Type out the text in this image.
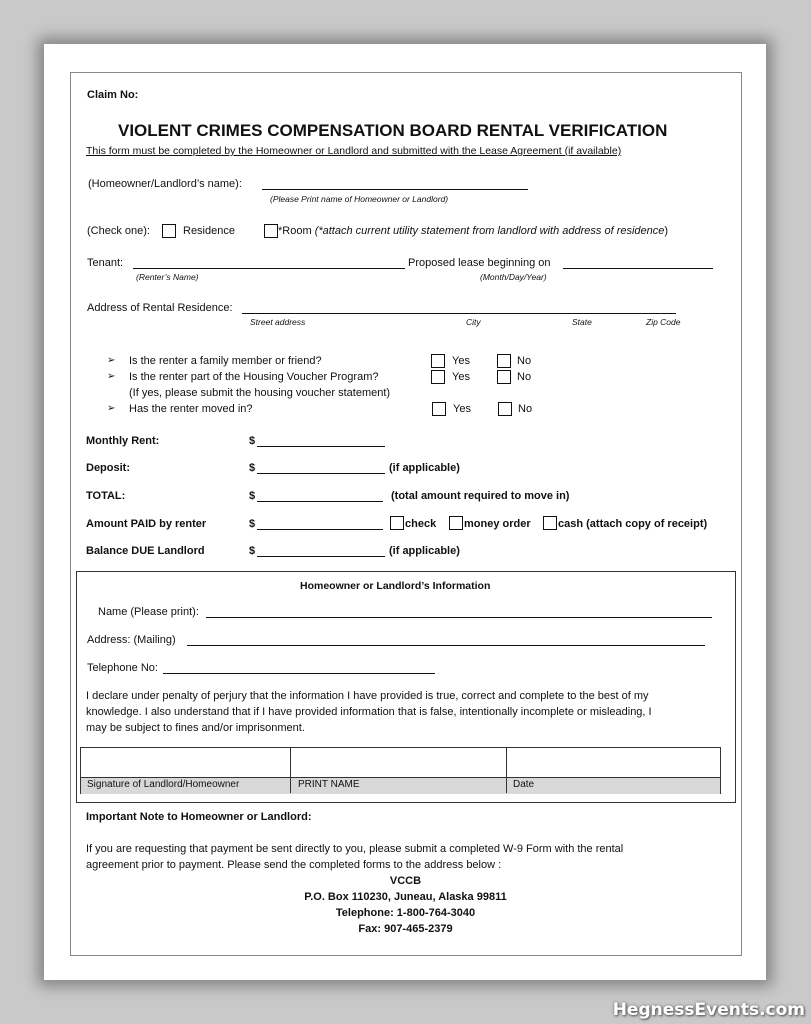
Claim No:
VIOLENT CRIMES COMPENSATION BOARD RENTAL VERIFICATION
This form must be completed by the Homeowner or Landlord and submitted with the Lease Agreement (if available)
(Homeowner/Landlord’s name):
(Please Print name of Homeowner or Landlord)
(Check one):	Residence	*Room (*attach current utility statement from landlord with address of residence)
Tenant:
(Renter’s Name)
Proposed lease beginning on
(Month/Day/Year)
Address of Rental Residence:
Street address	City	State	Zip Code
➢ Is the renter a family member or friend?	Yes	No
➢ Is the renter part of the Housing Voucher Program?	Yes	No
(If yes, please submit the housing voucher statement)
➢ Has the renter moved in?	Yes	No
Monthly Rent:	$
Deposit:	$	(if applicable)
TOTAL:	$	(total amount required to move in)
Amount PAID by renter	$	check	money order cash (attach copy of receipt)
Balance DUE Landlord	$	(if applicable)
Homeowner or Landlord’s Information
Name (Please print):
Address: (Mailing)
Telephone No:
I declare under penalty of perjury that the information I have provided is true, correct and complete to the best of my
knowledge. I also understand that if I have provided information that is false, intentionally incomplete or misleading, I
may be subject to fines and/or imprisonment.
Signature of Landlord/Homeowner	PRINT NAME	Date
Important Note to Homeowner or Landlord:
If you are requesting that payment be sent directly to you, please submit a completed W-9 Form with the rental
agreement prior to payment. Please send the completed forms to the address below :
VCCB
P.O. Box 110230, Juneau, Alaska 99811
Telephone: 1-800-764-3040
Fax: 907-465-2379
HegnessEvents.com
